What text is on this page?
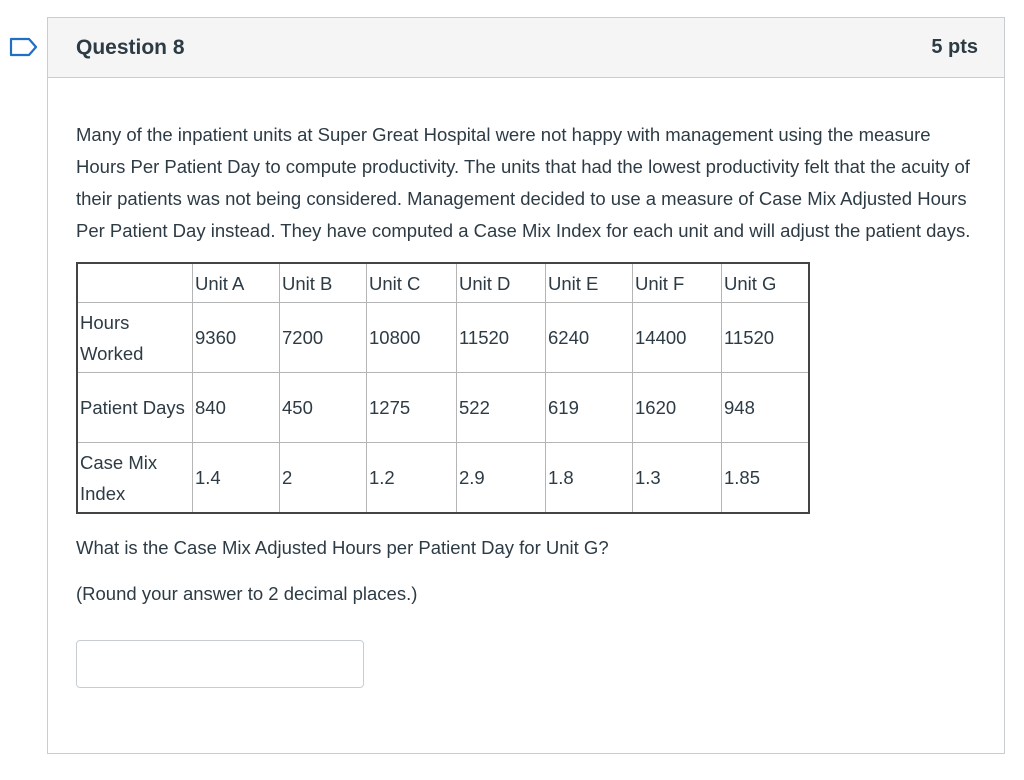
Question 8	5 pts

Many of the inpatient units at Super Great Hospital were not happy with management using the measure Hours Per Patient Day to compute productivity. The units that had the lowest productivity felt that the acuity of their patients was not being considered. Management decided to use a measure of Case Mix Adjusted Hours Per Patient Day instead. They have computed a Case Mix Index for each unit and will adjust the patient days.

	Unit A	Unit B	Unit C	Unit D	Unit E	Unit F	Unit G
Hours Worked	9360	7200	10800	11520	6240	14400	11520
Patient Days	840	450	1275	522	619	1620	948
Case Mix Index	1.4	2	1.2	2.9	1.8	1.3	1.85

What is the Case Mix Adjusted Hours per Patient Day for Unit G?

(Round your answer to 2 decimal places.)
